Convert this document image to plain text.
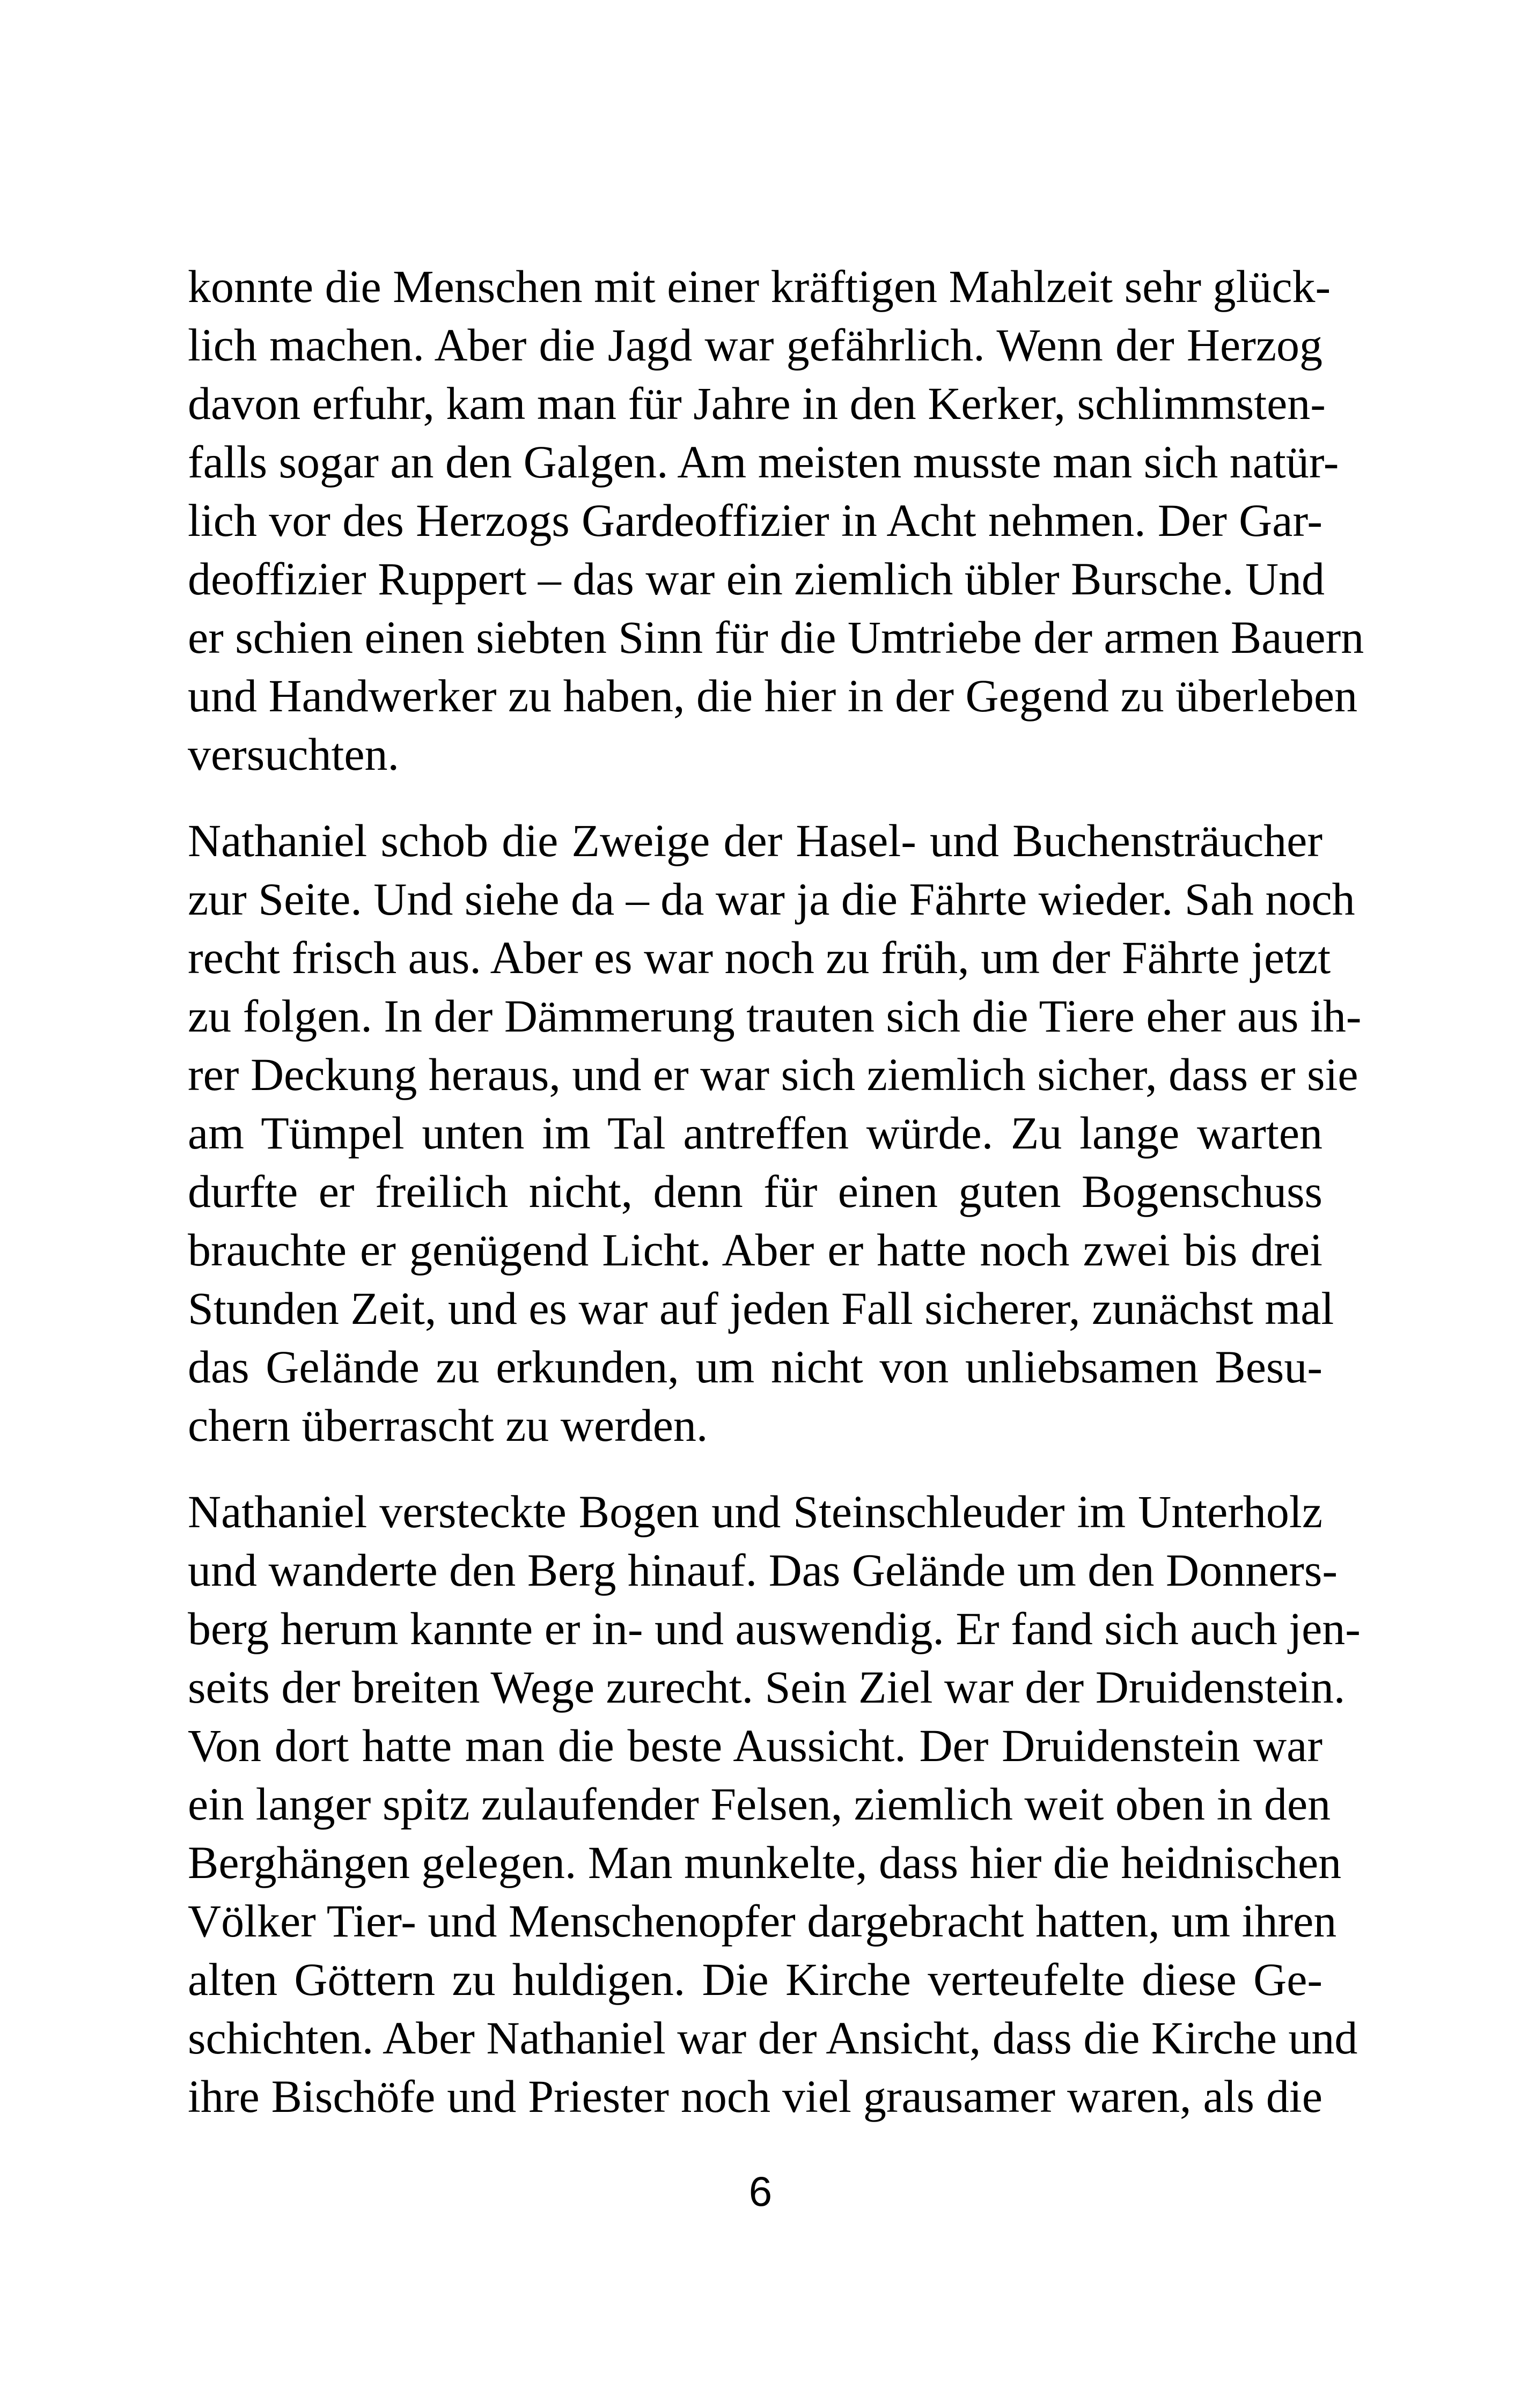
konnte die Menschen mit einer kräftigen Mahlzeit sehr glück-
lich machen. Aber die Jagd war gefährlich. Wenn der Herzog
davon erfuhr, kam man für Jahre in den Kerker, schlimmsten-
falls sogar an den Galgen. Am meisten musste man sich natür-
lich vor des Herzogs Gardeoffizier in Acht nehmen. Der Gar-
deoffizier Ruppert – das war ein ziemlich übler Bursche. Und
er schien einen siebten Sinn für die Umtriebe der armen Bauern
und Handwerker zu haben, die hier in der Gegend zu überleben
versuchten.

Nathaniel schob die Zweige der Hasel- und Buchensträucher
zur Seite. Und siehe da – da war ja die Fährte wieder. Sah noch
recht frisch aus. Aber es war noch zu früh, um der Fährte jetzt
zu folgen. In der Dämmerung trauten sich die Tiere eher aus ih-
rer Deckung heraus, und er war sich ziemlich sicher, dass er sie
am Tümpel unten im Tal antreffen würde. Zu lange warten
durfte er freilich nicht, denn für einen guten Bogenschuss
brauchte er genügend Licht. Aber er hatte noch zwei bis drei
Stunden Zeit, und es war auf jeden Fall sicherer, zunächst mal
das Gelände zu erkunden, um nicht von unliebsamen Besu-
chern überrascht zu werden.

Nathaniel versteckte Bogen und Steinschleuder im Unterholz
und wanderte den Berg hinauf. Das Gelände um den Donners-
berg herum kannte er in- und auswendig. Er fand sich auch jen-
seits der breiten Wege zurecht. Sein Ziel war der Druidenstein.
Von dort hatte man die beste Aussicht. Der Druidenstein war
ein langer spitz zulaufender Felsen, ziemlich weit oben in den
Berghängen gelegen. Man munkelte, dass hier die heidnischen
Völker Tier- und Menschenopfer dargebracht hatten, um ihren
alten Göttern zu huldigen. Die Kirche verteufelte diese Ge-
schichten. Aber Nathaniel war der Ansicht, dass die Kirche und
ihre Bischöfe und Priester noch viel grausamer waren, als die

6
